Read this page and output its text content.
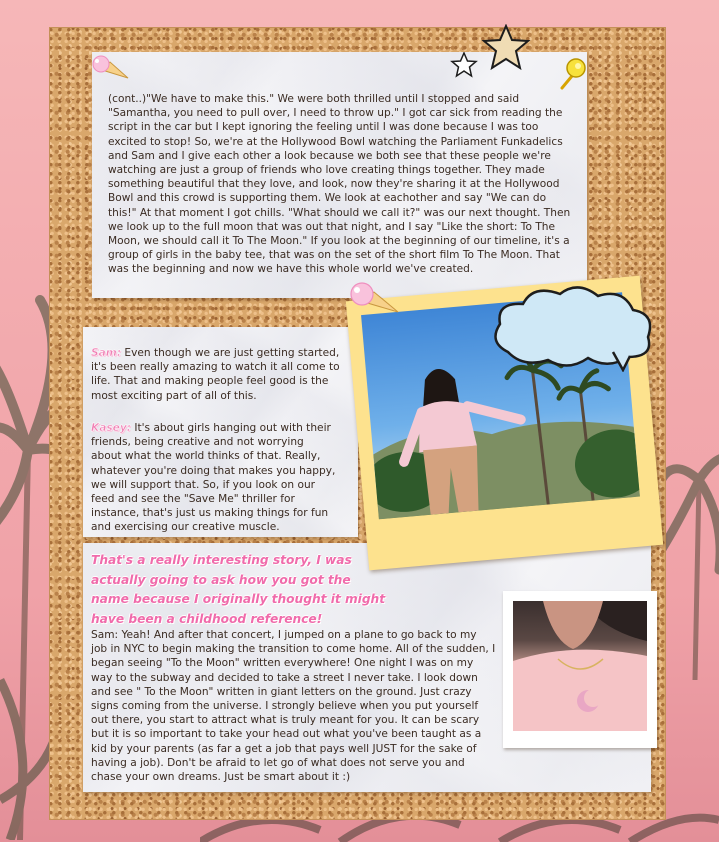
(cont..)"We have to make this." We were both thrilled until I stopped and said "Samantha, you need to pull over, I need to throw up." I got car sick from reading the script in the car but I kept ignoring the feeling until I was done because I was too excited to stop! So, we're at the Hollywood Bowl watching the Parliament Funkadelics and Sam and I give each other a look because we both see that these people we're watching are just a group of friends who love creating things together. They made something beautiful that they love, and look, now they're sharing it at the Hollywood Bowl and this crowd is supporting them. We look at eachother and say "We can do this!" At that moment I got chills. "What should we call it?" was our next thought. Then we look up to the full moon that was out that night, and I say "Like the short: To The Moon, we should call it To The Moon." If you look at the beginning of our timeline, it's a group of girls in the baby tee, that was on the set of the short film To The Moon. That was the beginning and now we have this whole world we've created.

Sam: Even though we are just getting started, it's been really amazing to watch it all come to life. That and making people feel good is the most exciting part of all of this.

Kasey: It's about girls hanging out with their friends, being creative and not worrying about what the world thinks of that. Really, whatever you're doing that makes you happy, we will support that. So, if you look on our feed and see the "Save Me" thriller for instance, that's just us making things for fun and exercising our creative muscle.

That's a really interesting story, I was actually going to ask how you got the name because I originally thought it might have been a childhood reference!

Sam: Yeah! And after that concert, I jumped on a plane to go back to my job in NYC to begin making the transition to come home. All of the sudden, I began seeing "To the Moon" written everywhere! One night I was on my way to the subway and decided to take a street I never take. I look down and see " To the Moon" written in giant letters on the ground. Just crazy signs coming from the universe. I strongly believe when you put yourself out there, you start to attract what is truly meant for you. It can be scary but it is so important to take your head out what you've been taught as a kid by your parents (as far a get a job that pays well JUST for the sake of having a job). Don't be afraid to let go of what does not serve you and chase your own dreams. Just be smart about it :)
